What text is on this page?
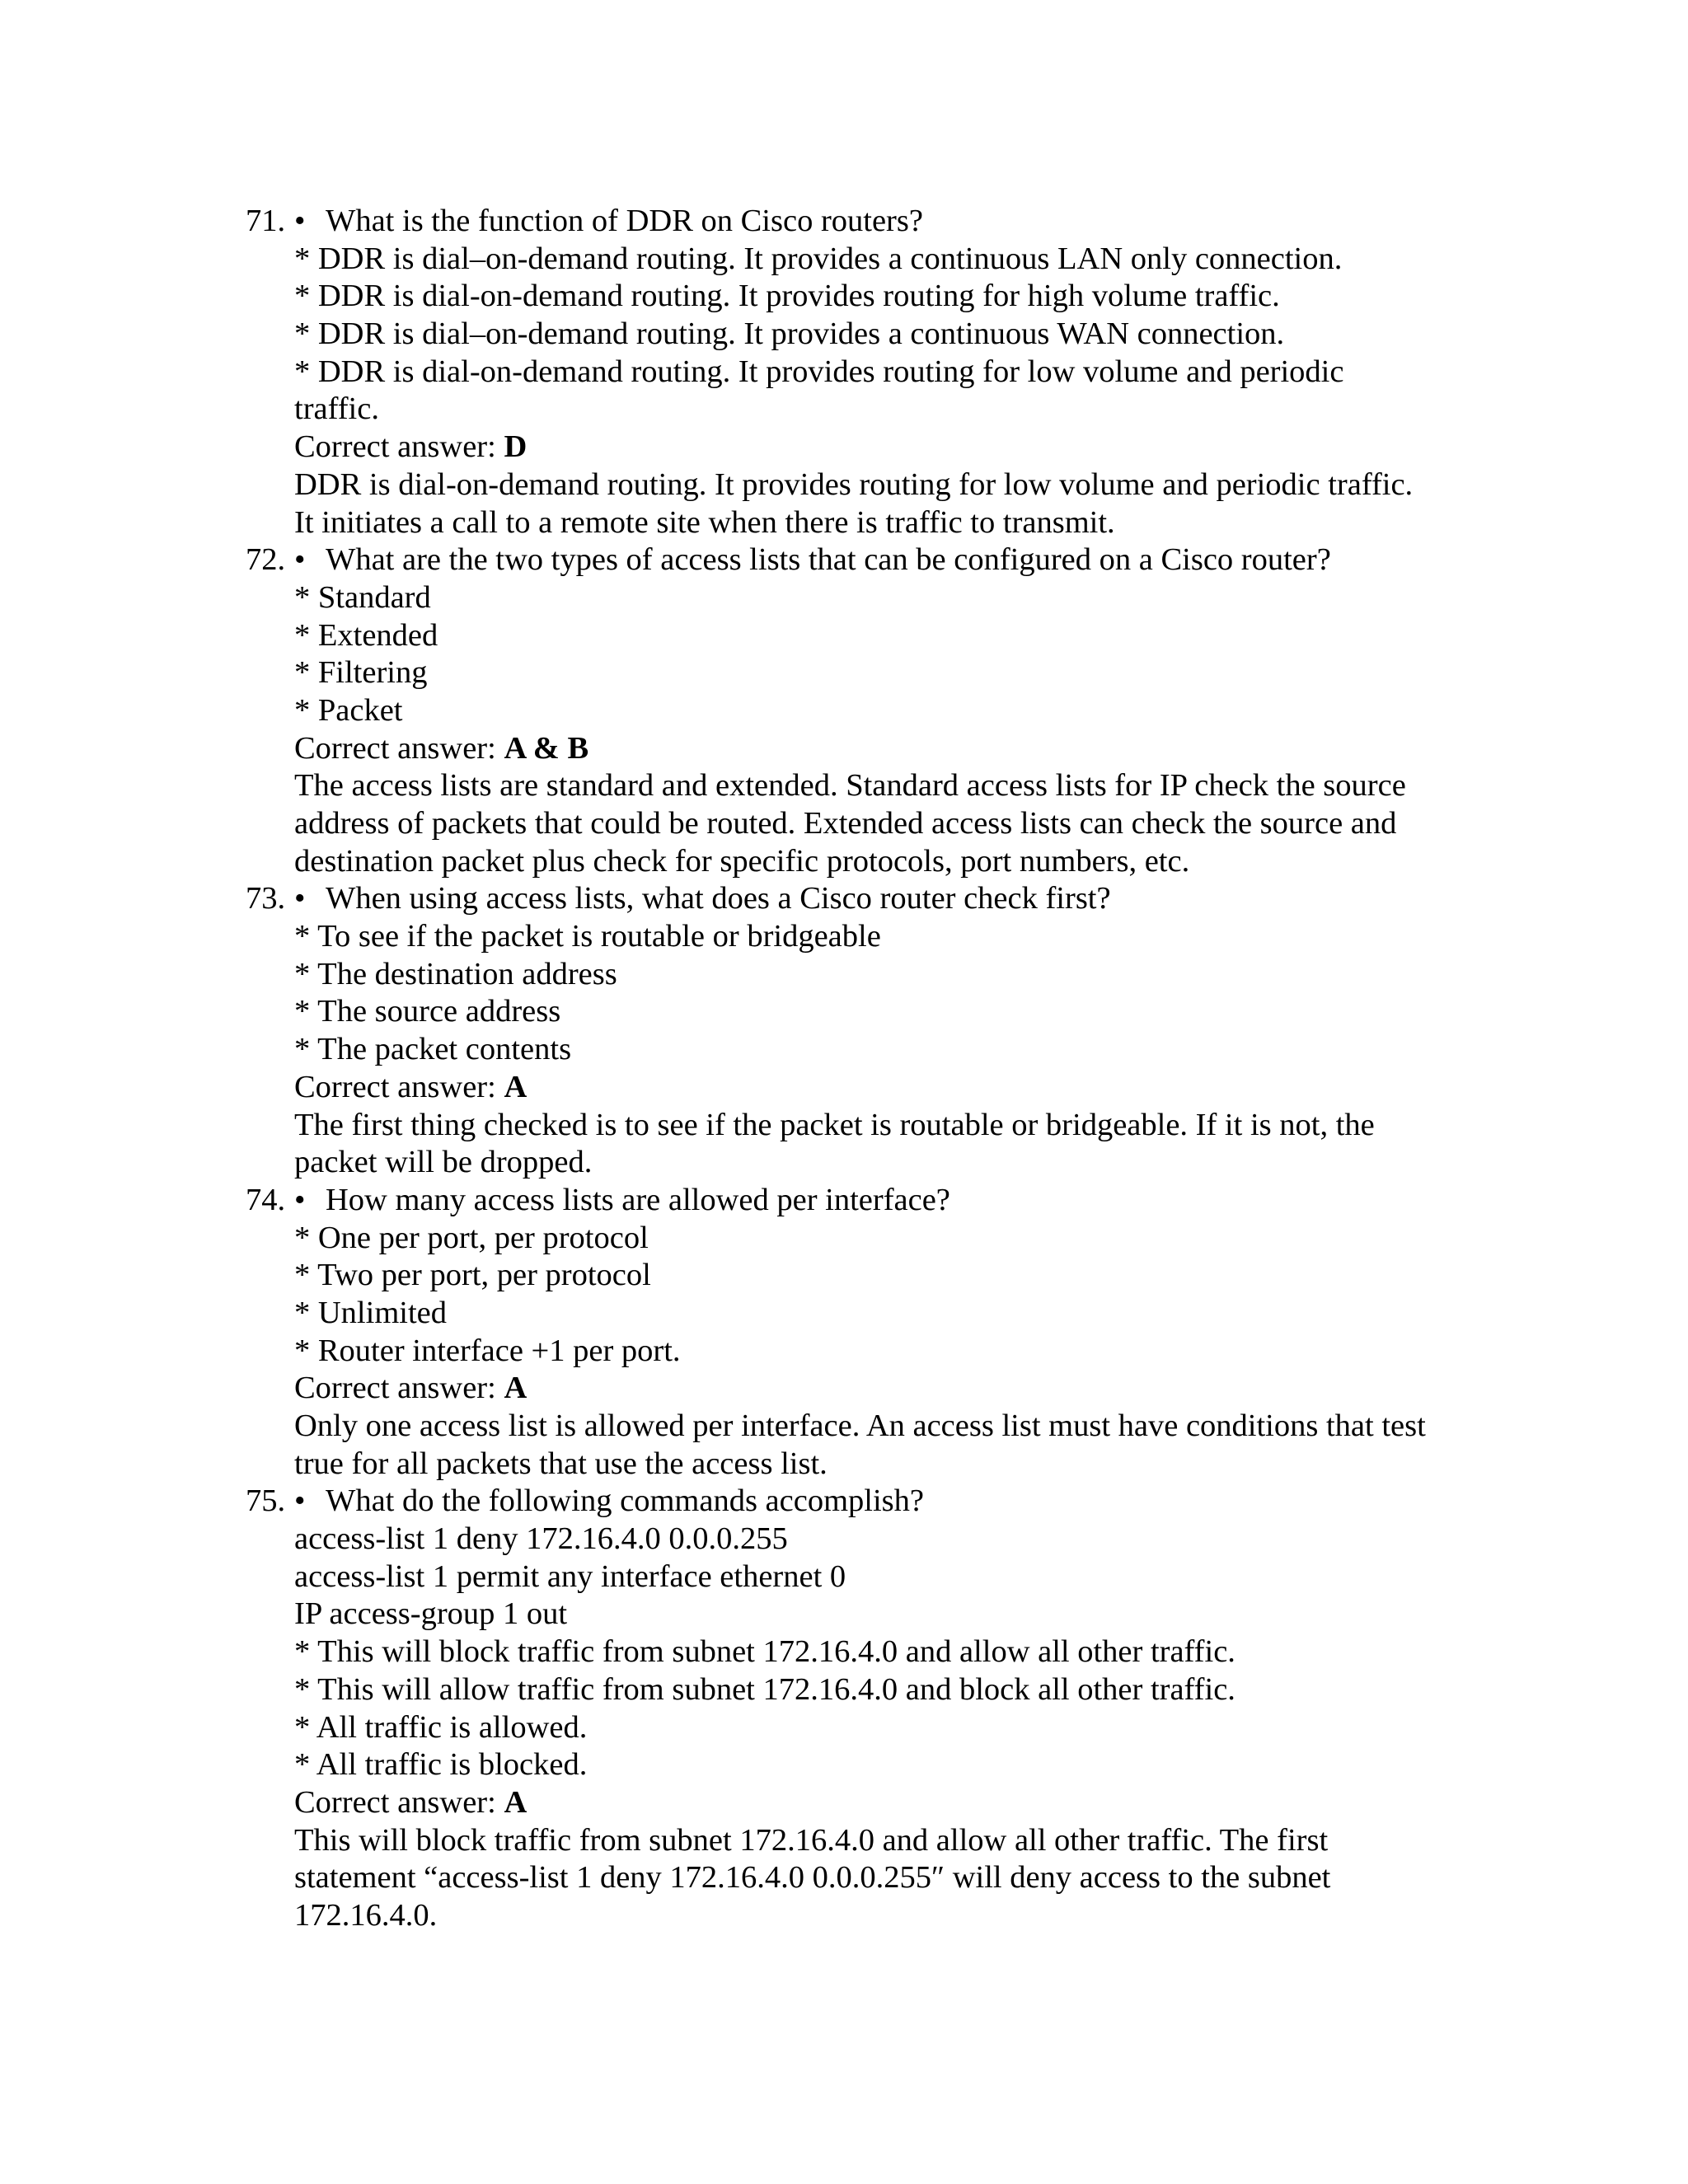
71. • What is the function of DDR on Cisco routers?
* DDR is dial–on-demand routing. It provides a continuous LAN only connection.
* DDR is dial-on-demand routing. It provides routing for high volume traffic.
* DDR is dial–on-demand routing. It provides a continuous WAN connection.
* DDR is dial-on-demand routing. It provides routing for low volume and periodic
traffic.
Correct answer: D
DDR is dial-on-demand routing. It provides routing for low volume and periodic traffic.
It initiates a call to a remote site when there is traffic to transmit.
72. • What are the two types of access lists that can be configured on a Cisco router?
* Standard
* Extended
* Filtering
* Packet
Correct answer: A & B
The access lists are standard and extended. Standard access lists for IP check the source
address of packets that could be routed. Extended access lists can check the source and
destination packet plus check for specific protocols, port numbers, etc.
73. • When using access lists, what does a Cisco router check first?
* To see if the packet is routable or bridgeable
* The destination address
* The source address
* The packet contents
Correct answer: A
The first thing checked is to see if the packet is routable or bridgeable. If it is not, the
packet will be dropped.
74. • How many access lists are allowed per interface?
* One per port, per protocol
* Two per port, per protocol
* Unlimited
* Router interface +1 per port.
Correct answer: A
Only one access list is allowed per interface. An access list must have conditions that test
true for all packets that use the access list.
75. • What do the following commands accomplish?
access-list 1 deny 172.16.4.0 0.0.0.255
access-list 1 permit any interface ethernet 0
IP access-group 1 out
* This will block traffic from subnet 172.16.4.0 and allow all other traffic.
* This will allow traffic from subnet 172.16.4.0 and block all other traffic.
* All traffic is allowed.
* All traffic is blocked.
Correct answer: A
This will block traffic from subnet 172.16.4.0 and allow all other traffic. The first
statement “access-list 1 deny 172.16.4.0 0.0.0.255″ will deny access to the subnet
172.16.4.0.
